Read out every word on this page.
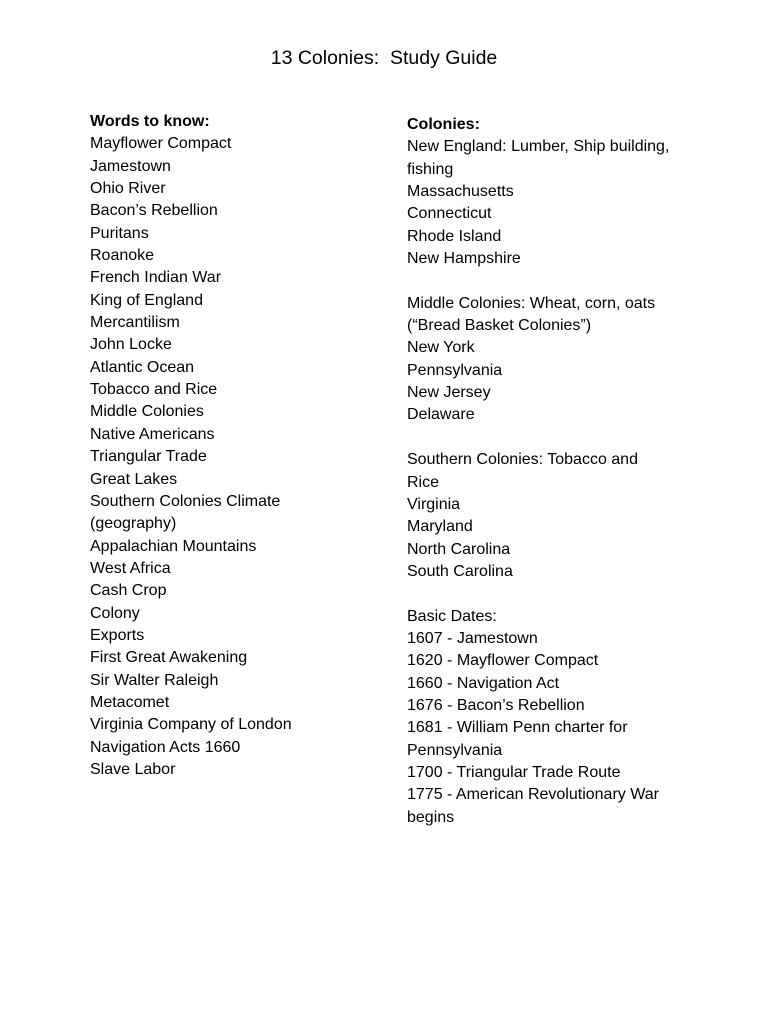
13 Colonies:  Study Guide
Words to know:
Mayflower Compact
Jamestown
Ohio River
Bacon’s Rebellion
Puritans
Roanoke
French Indian War
King of England
Mercantilism
John Locke
Atlantic Ocean
Tobacco and Rice
Middle Colonies
Native Americans
Triangular Trade
Great Lakes
Southern Colonies Climate
(geography)
Appalachian Mountains
West Africa
Cash Crop
Colony
Exports
First Great Awakening
Sir Walter Raleigh
Metacomet
Virginia Company of London
Navigation Acts 1660
Slave Labor
Colonies:
New England: Lumber, Ship building,
fishing
Massachusetts
Connecticut
Rhode Island
New Hampshire
Middle Colonies: Wheat, corn, oats
(“Bread Basket Colonies”)
New York
Pennsylvania
New Jersey
Delaware
Southern Colonies: Tobacco and
Rice
Virginia
Maryland
North Carolina
South Carolina
Basic Dates:
1607 - Jamestown
1620 - Mayflower Compact
1660 - Navigation Act
1676 - Bacon’s Rebellion
1681 - William Penn charter for
Pennsylvania
1700 - Triangular Trade Route
1775 - American Revolutionary War
begins
